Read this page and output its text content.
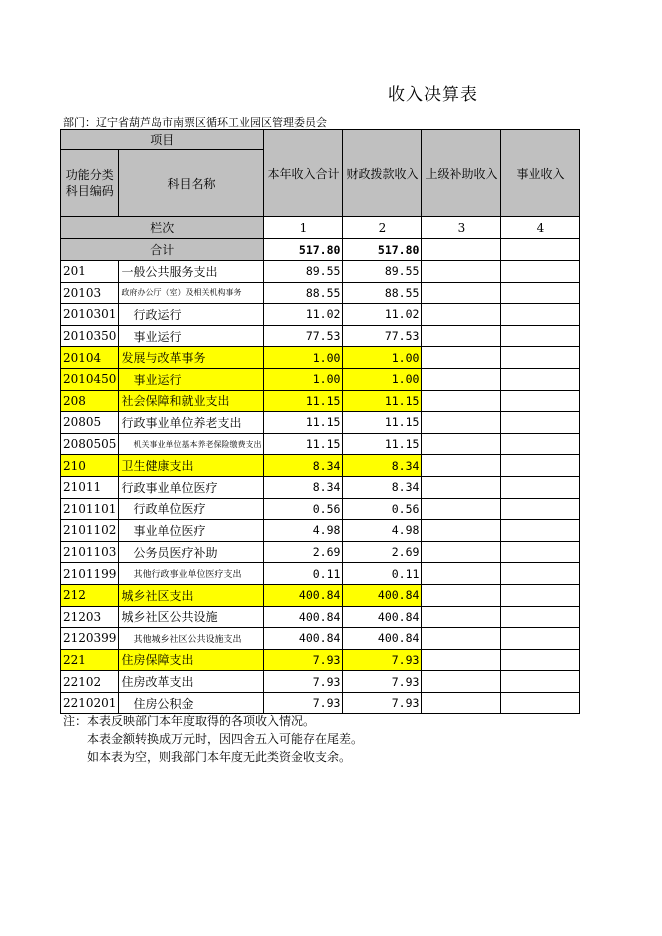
收入决算表
部门：辽宁省葫芦岛市南票区循环工业园区管理委员会
项目		本年收入合计	财政拨款收入	上级补助收入	事业收入

功能分类
科目编码	科目名称				
栏次		1	2	3	4
合计		517.80	517.80		
201	一般公共服务支出	89.55	89.55		
20103	政府办公厅（室）及相关机构事务	88.55	88.55		
2010301	行政运行	11.02	11.02		
2010350	事业运行	77.53	77.53		
20104	发展与改革事务	1.00	1.00		
2010450	事业运行	1.00	1.00		
208	社会保障和就业支出	11.15	11.15		
20805	行政事业单位养老支出	11.15	11.15		
2080505	机关事业单位基本养老保险缴费支出	11.15	11.15		
210	卫生健康支出	8.34	8.34		
21011	行政事业单位医疗	8.34	8.34		
2101101	行政单位医疗	0.56	0.56		
2101102	事业单位医疗	4.98	4.98		
2101103	公务员医疗补助	2.69	2.69		
2101199	其他行政事业单位医疗支出	0.11	0.11		
212	城乡社区支出	400.84	400.84		
21203	城乡社区公共设施	400.84	400.84		
2120399	其他城乡社区公共设施支出	400.84	400.84		
221	住房保障支出	7.93	7.93		
22102	住房改革支出	7.93	7.93		
2210201	住房公积金	7.93	7.93		
注：本表反映部门本年度取得的各项收入情况。
本表金额转换成万元时，因四舍五入可能存在尾差。
如本表为空，则我部门本年度无此类资金收支余。
